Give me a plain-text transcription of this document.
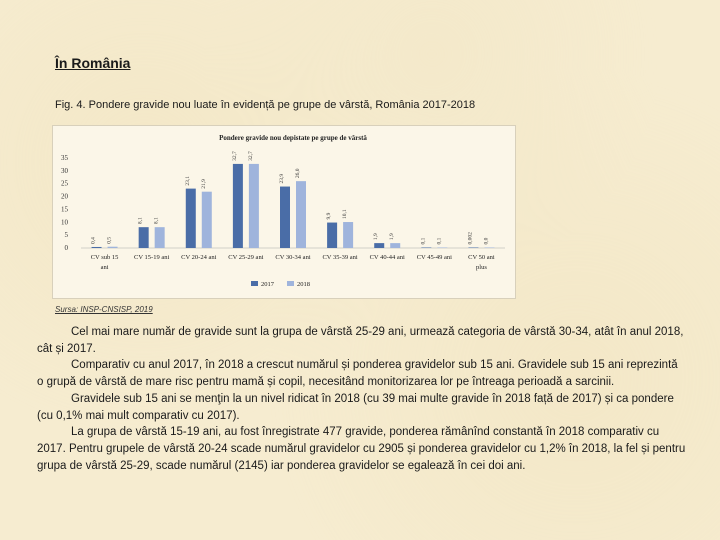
În România

Fig. 4. Pondere gravide nou luate în evidență pe grupe de vârstă, România 2017-2018

Pondere gravide nou depistate pe grupe de vârstă
0
5
10
15
20
25
30
35
0,4 0,5
CV sub 15
ani
8,1 8,1
CV 15-19 ani
23,1 21,9
CV 20-24 ani
32,7 32,7
CV 25-29 ani
23,9
26,0
CV 30-34 ani
9,9 10,1
CV 35-39 ani
1,9 1,9
CV 40-44 ani
0,1 0,1
CV 45-49 ani
0,002 0,0
CV 50 ani
plus
2017	2018
Sursa: INSP-CNSISP, 2019

Cel mai mare număr de gravide sunt la grupa de vârstă 25-29 ani, urmează categoria de vârstă 30-34, atât în anul 2018, cât și 2017.

Comparativ cu anul 2017, în 2018 a crescut numărul și ponderea gravidelor sub 15 ani. Gravidele sub 15 ani reprezintă o grupă de vârstă de mare risc pentru mamă și copil, necesitând monitorizarea lor pe întreaga perioadă a sarcinii.

Gravidele sub 15 ani se menţin la un nivel ridicat în 2018 (cu 39 mai multe gravide în 2018 față de 2017) și ca pondere (cu 0,1% mai mult comparativ cu 2017).

La grupa de vârstă 15-19 ani, au fost înregistrate 477 gravide, ponderea rămânînd constantă în 2018 comparativ cu 2017. Pentru grupele de vârstă 20-24 scade numărul gravidelor cu 2905 și ponderea gravidelor cu 1,2% în 2018, la fel și pentru grupa de vârstă 25-29, scade numărul (2145) iar ponderea gravidelor se egalează în cei doi ani.
